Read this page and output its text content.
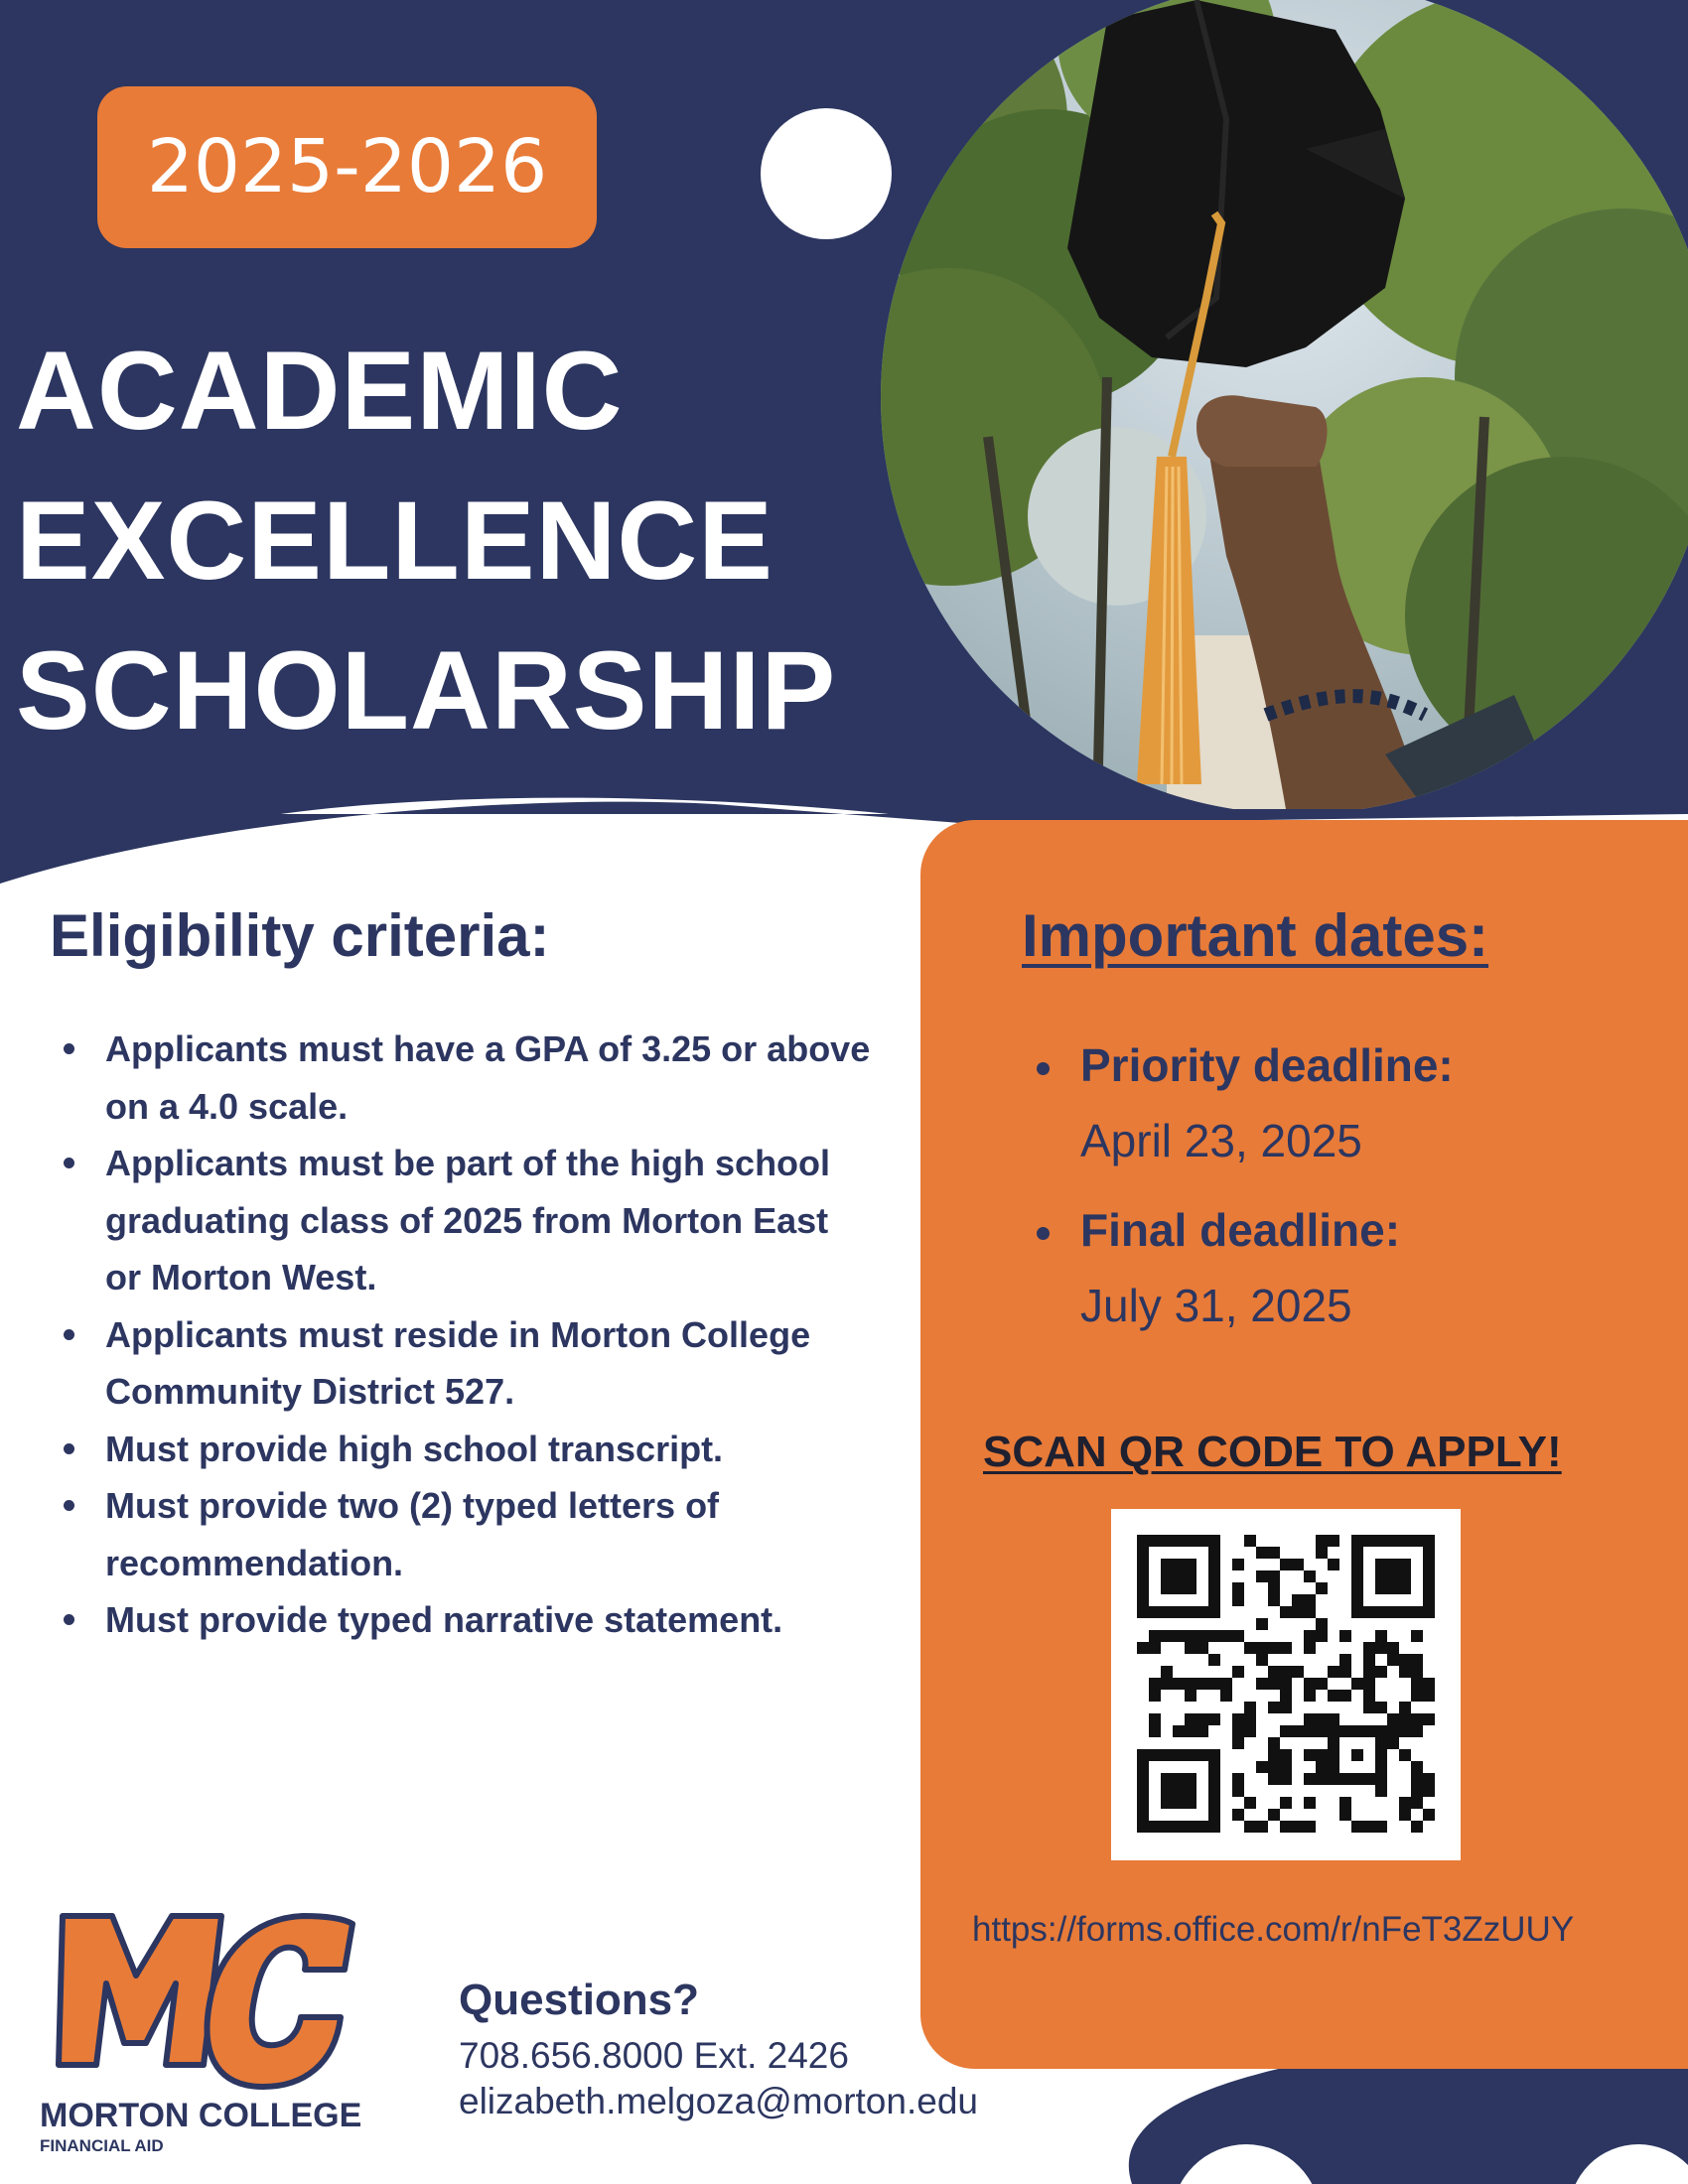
2025-2026
ACADEMIC
EXCELLENCE
SCHOLARSHIP
Eligibility criteria:
Applicants must have a GPA of 3.25 or above on a 4.0 scale.
Applicants must be part of the high school graduating class of 2025 from Morton East or Morton West.
Applicants must reside in Morton College Community District 527.
Must provide high school transcript.
Must provide two (2) typed letters of recommendation.
Must provide typed narrative statement.
Important dates:
Priority deadline:
April 23, 2025
Final deadline:
July 31, 2025
SCAN QR CODE TO APPLY!
https://forms.office.com/r/nFeT3ZzUUY
MORTON COLLEGE
FINANCIAL AID
Questions?
708.656.8000 Ext. 2426
elizabeth.melgoza@morton.edu
